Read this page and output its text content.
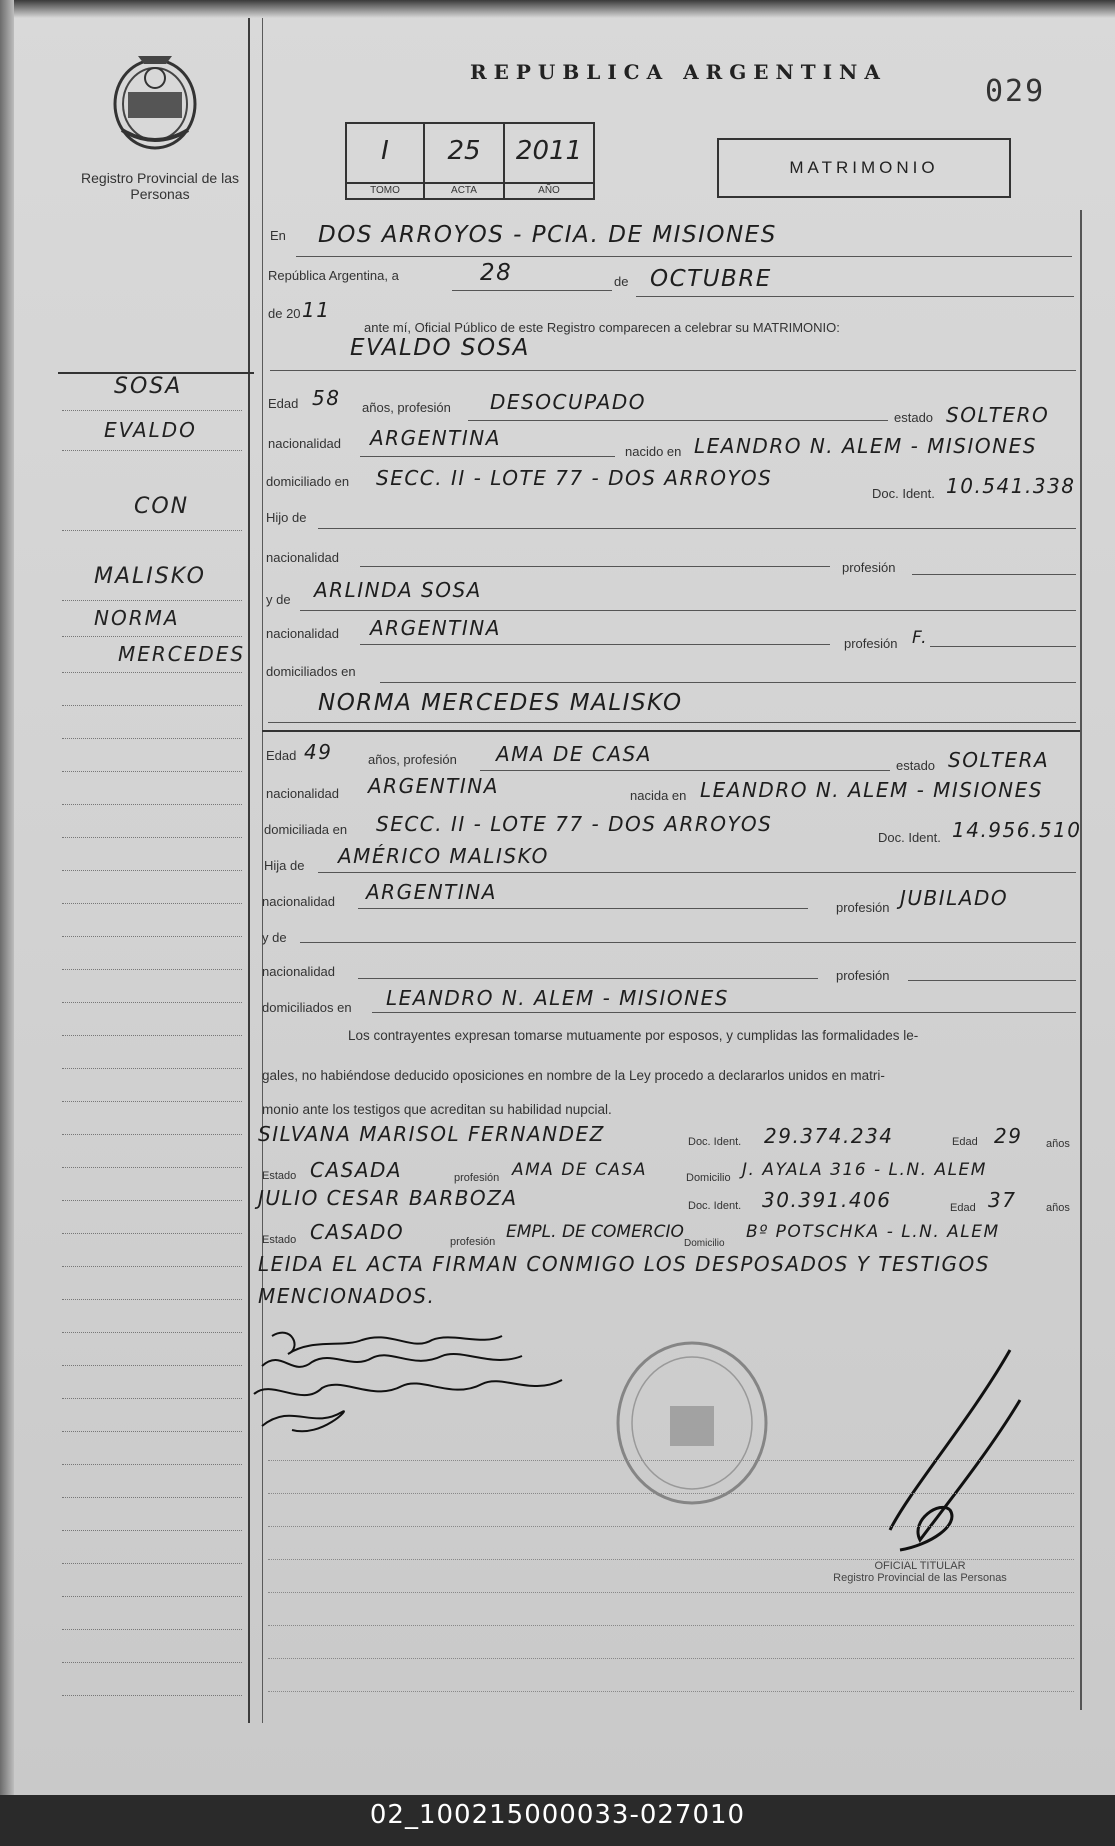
Registro Provincial de las Personas
REPUBLICA ARGENTINA
029
I
TOMO
25
ACTA
2011
AÑO
MATRIMONIO
En DOS ARROYOS - PCIA. DE MISIONES
República Argentina, a	28	de OCTUBRE
de 20 11
ante mí, Oficial Público de este Registro comparecen a celebrar su MATRIMONIO:
EVALDO SOSA
Edad 58 años, profesión DESOCUPADO
estado SOLTERO
nacionalidad ARGENTINA
nacido en LEANDRO N. ALEM - MISIONES
domiciliado en SECC. II - LOTE 77 - DOS ARROYOS
Doc. Ident. 10.541.338
Hijo de
nacionalidad
profesión
y de ARLINDA SOSA
nacionalidad ARGENTINA
profesión F.
domiciliados en
NORMA MERCEDES MALISKO
Edad 49	años, profesión AMA DE CASA	estado SOLTERA
nacionalidad ARGENTINA	nacida en LEANDRO N. ALEM - MISIONES
domiciliada en SECC. II - LOTE 77 - DOS ARROYOS
Doc. Ident. 14.956.510
Hija de AMÉRICO MALISKO
nacionalidad ARGENTINA
profesión JUBILADO
y de
nacionalidad	profesión
domiciliados en LEANDRO N. ALEM - MISIONES
Los contrayentes expresan tomarse mutuamente por esposos, y cumplidas las formalidades le-
gales, no habiéndose deducido oposiciones en nombre de la Ley procedo a declararlos unidos en matri-
monio ante los testigos que acreditan su habilidad nupcial.
SILVANA MARISOL FERNANDEZ	Doc. Ident. 29.374.234	Edad 29 años
Estado CASADA	profesión AMA DE CASA	Domicilio J. AYALA 316 - L.N. ALEM
JULIO CESAR BARBOZA	Doc. Ident. 30.391.406	Edad 37	años
Estado CASADO	profesión EMPL. DE COMERCIO
Domicilio
Bº POTSCHKA - L.N. ALEM
LEIDA EL ACTA FIRMAN CONMIGO LOS DESPOSADOS Y TESTIGOS
MENCIONADOS.
OFICIAL TITULAR
Registro Provincial de las Personas
SOSA
EVALDO
CON
MALISKO
NORMA
MERCEDES
02_100215000033-027010
